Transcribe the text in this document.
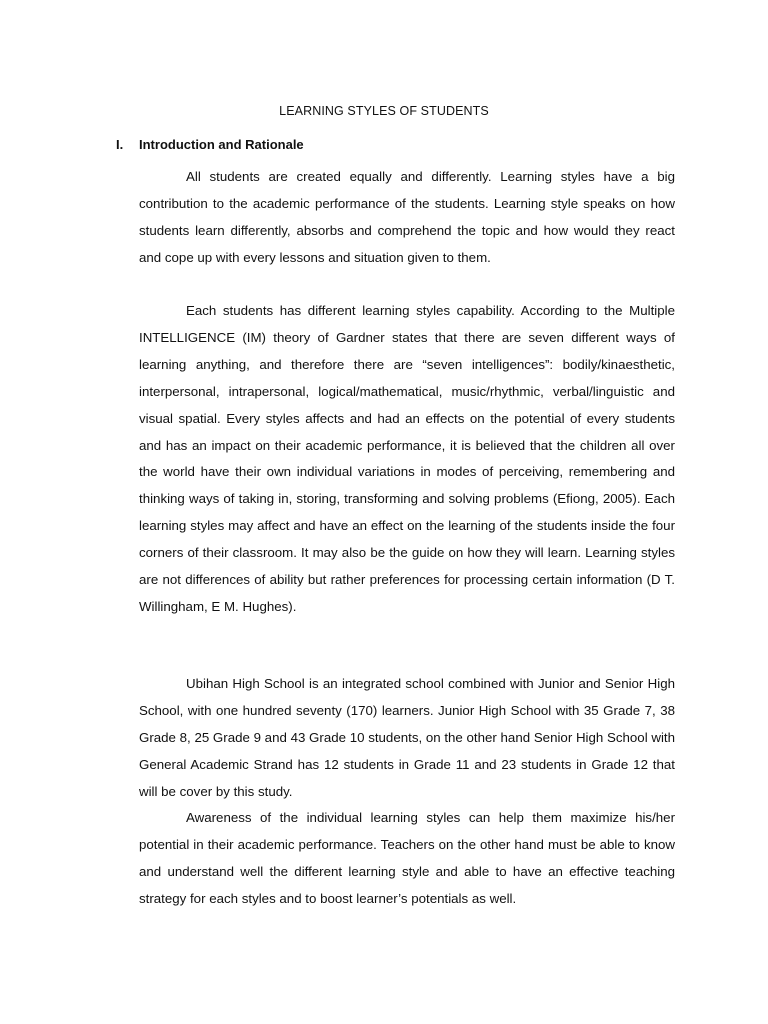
LEARNING STYLES OF STUDENTS
I. Introduction and Rationale

All students are created equally and differently. Learning styles have a big contribution to the academic performance of the students. Learning style speaks on how students learn differently, absorbs and comprehend the topic and how would they react and cope up with every lessons and situation given to them.

Each students has different learning styles capability. According to the Multiple INTELLIGENCE (IM) theory of Gardner states that there are seven different ways of learning anything, and therefore there are “seven intelligences”: bodily/kinaesthetic, interpersonal, intrapersonal, logical/mathematical, music/rhythmic, verbal/linguistic and visual spatial. Every styles affects and had an effects on the potential of every students and has an impact on their academic performance, it is believed that the children all over the world have their own individual variations in modes of perceiving, remembering and thinking ways of taking in, storing, transforming and solving problems (Efiong, 2005). Each learning styles may affect and have an effect on the learning of the students inside the four corners of their classroom. It may also be the guide on how they will learn. Learning styles are not differences of ability but rather preferences for processing certain information (D T. Willingham, E M. Hughes).

Ubihan High School is an integrated school combined with Junior and Senior High School, with one hundred seventy (170) learners. Junior High School with 35 Grade 7, 38 Grade 8, 25 Grade 9 and 43 Grade 10 students, on the other hand Senior High School with General Academic Strand has 12 students in Grade 11 and 23 students in Grade 12 that will be cover by this study.

Awareness of the individual learning styles can help them maximize his/her potential in their academic performance. Teachers on the other hand must be able to know and understand well the different learning style and able to have an effective teaching strategy for each styles and to boost learner’s potentials as well.
